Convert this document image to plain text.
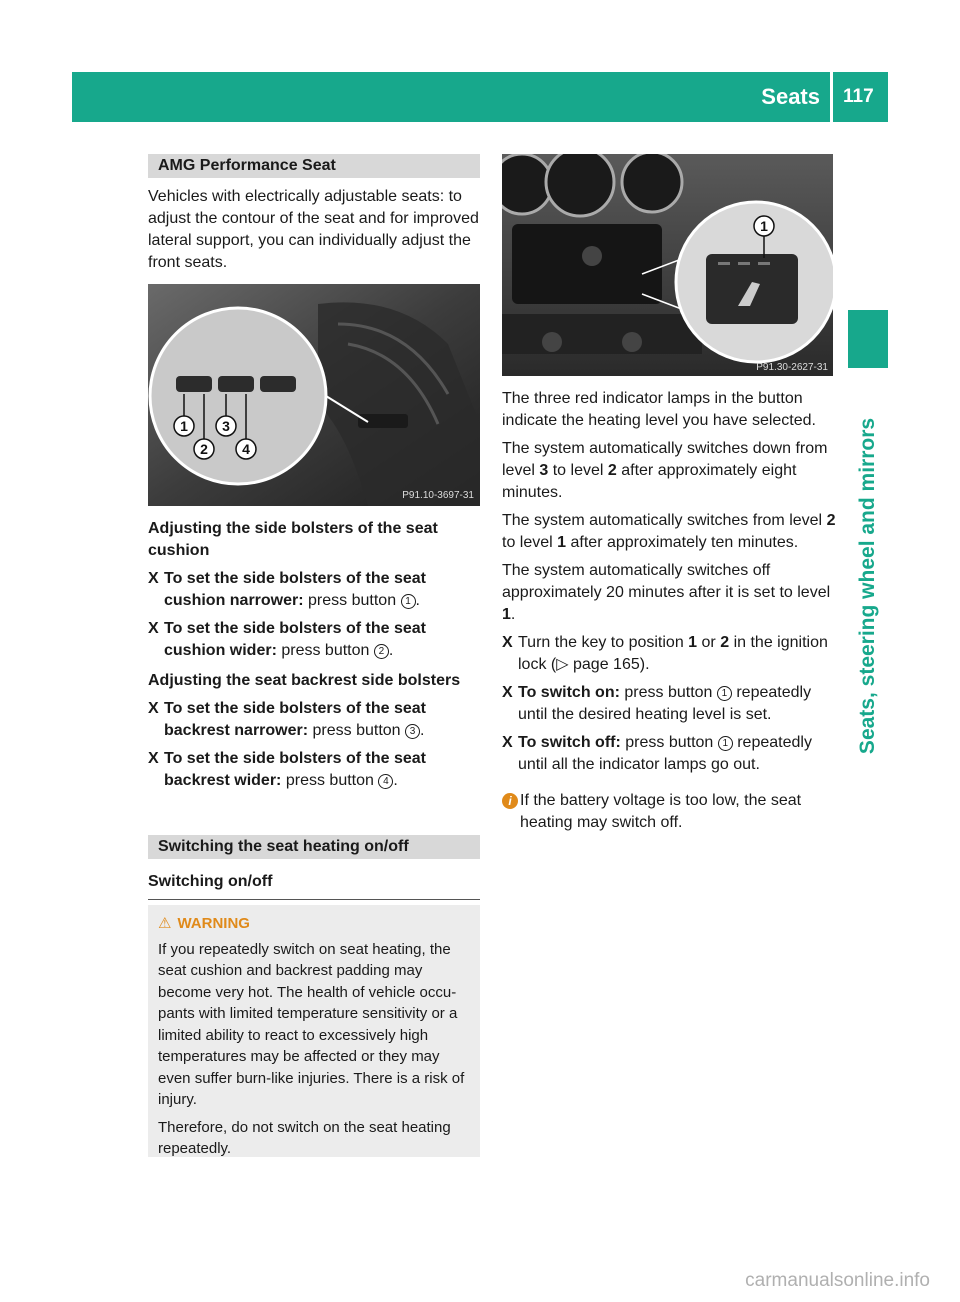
Seats 117
Seats, steering wheel and mirrors
AMG Performance Seat

Vehicles with electrically adjustable seats: to adjust the contour of the seat and for improved lateral support, you can individually adjust the front seats.

1
2
3
4
P91.10-3697-31
Adjusting the side bolsters of the seat cushion
X To set the side bolsters of the seat cushion narrower: press button 1 .
X To set the side bolsters of the seat cushion wider: press button 2 .
Adjusting the seat backrest side bolsters
X To set the side bolsters of the seat backrest narrower: press button 3 .
X To set the side bolsters of the seat backrest wider: press button 4 .
Switching the seat heating on/off
Switching on/off
⚠ WARNING

If you repeatedly switch on seat heating, the seat cushion and backrest padding may become very hot. The health of vehicle occu-pants with limited temperature sensitivity or a limited ability to react to excessively high temperatures may be affected or they may even suffer burn-like injuries. There is a risk of injury.

Therefore, do not switch on the seat heating repeatedly.

1
P91.30-2627-31

The three red indicator lamps in the button indicate the heating level you have selected.

The system automatically switches down from level 3 to level 2 after approximately eight minutes.

The system automatically switches from level 2 to level 1 after approximately ten minutes.

The system automatically switches off approximately 20 minutes after it is set to level 1.

X Turn the key to position 1 or 2 in the ignition lock (▷ page 165).
X To switch on: press button 1 repeatedly until the desired heating level is set.
X To switch off: press button 1 repeatedly until all the indicator lamps go out.
i If the battery voltage is too low, the seat heating may switch off.
carmanualsonline.info
